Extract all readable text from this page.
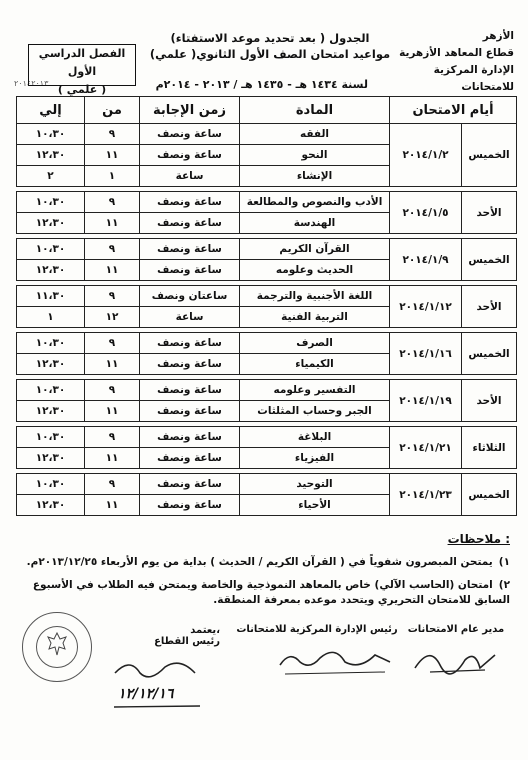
الأزهر
قطاع المعاهد الأزهرية
الإدارة المركزية للامتحانات
الجدول ( بعد تحديد موعد الاستفتاء)
مواعيد امتحان الصف الأول الثانوي( علمي)
لسنة ١٤٣٤ هـ - ١٤٣٥ هـ / ٢٠١٣ - ٢٠١٤م
٢٠١٤٢٠١٣
الفصل الدراسي الأول
( علمي )
أيام الامتحان		المادة	زمن الإجابة	من	إلي
الخميس	٢٠١٤/١/٢	الفقه	ساعة ونصف	٩	١٠،٣٠
		النحو	ساعة ونصف	١١	١٢،٣٠
		الإنشاء	ساعة	١	٢

الأحد	٢٠١٤/١/٥	الأدب والنصوص والمطالعة	ساعة ونصف	٩	١٠،٣٠
		الهندسة	ساعة ونصف	١١	١٢،٣٠

الخميس	٢٠١٤/١/٩	القرآن الكريم	ساعة ونصف	٩	١٠،٣٠
		الحديث وعلومه	ساعة ونصف	١١	١٢،٣٠

الأحد	٢٠١٤/١/١٢	اللغة الأجنبية والترجمة	ساعتان ونصف	٩	١١،٣٠
		التربية الفنية	ساعة	١٢	١

الخميس	٢٠١٤/١/١٦	الصرف	ساعة ونصف	٩	١٠،٣٠
		الكيمياء	ساعة ونصف	١١	١٢،٣٠

الأحد	٢٠١٤/١/١٩	التفسير وعلومه	ساعة ونصف	٩	١٠،٣٠
		الجبر وحساب المثلثات	ساعة ونصف	١١	١٢،٣٠

الثلاثاء	٢٠١٤/١/٢١	البلاغة	ساعة ونصف	٩	١٠،٣٠
		الفيزياء	ساعة ونصف	١١	١٢،٣٠

الخميس	٢٠١٤/١/٢٣	التوحيد	ساعة ونصف	٩	١٠،٣٠
		الأحياء	ساعة ونصف	١١	١٢،٣٠
ملاحظات :
١)يمتحن المبصرون شفوياً في ( القرآن الكريم / الحديث ) بداية من يوم الأربعاء ٢٠١٣/١٢/٢٥م.
٢)امتحان (الحاسب الآلي) خاص بالمعاهد النموذجية والخاصة ويمتحن فيه الطلاب في الأسبوع السابق للامتحان التحريري ويتحدد موعده بمعرفة المنطقة.
مدير عام الامتحانات
رئيس الإدارة المركزية للامتحانات
يعتمد،
رئيس القطاع
١٢/١٢/١٦
